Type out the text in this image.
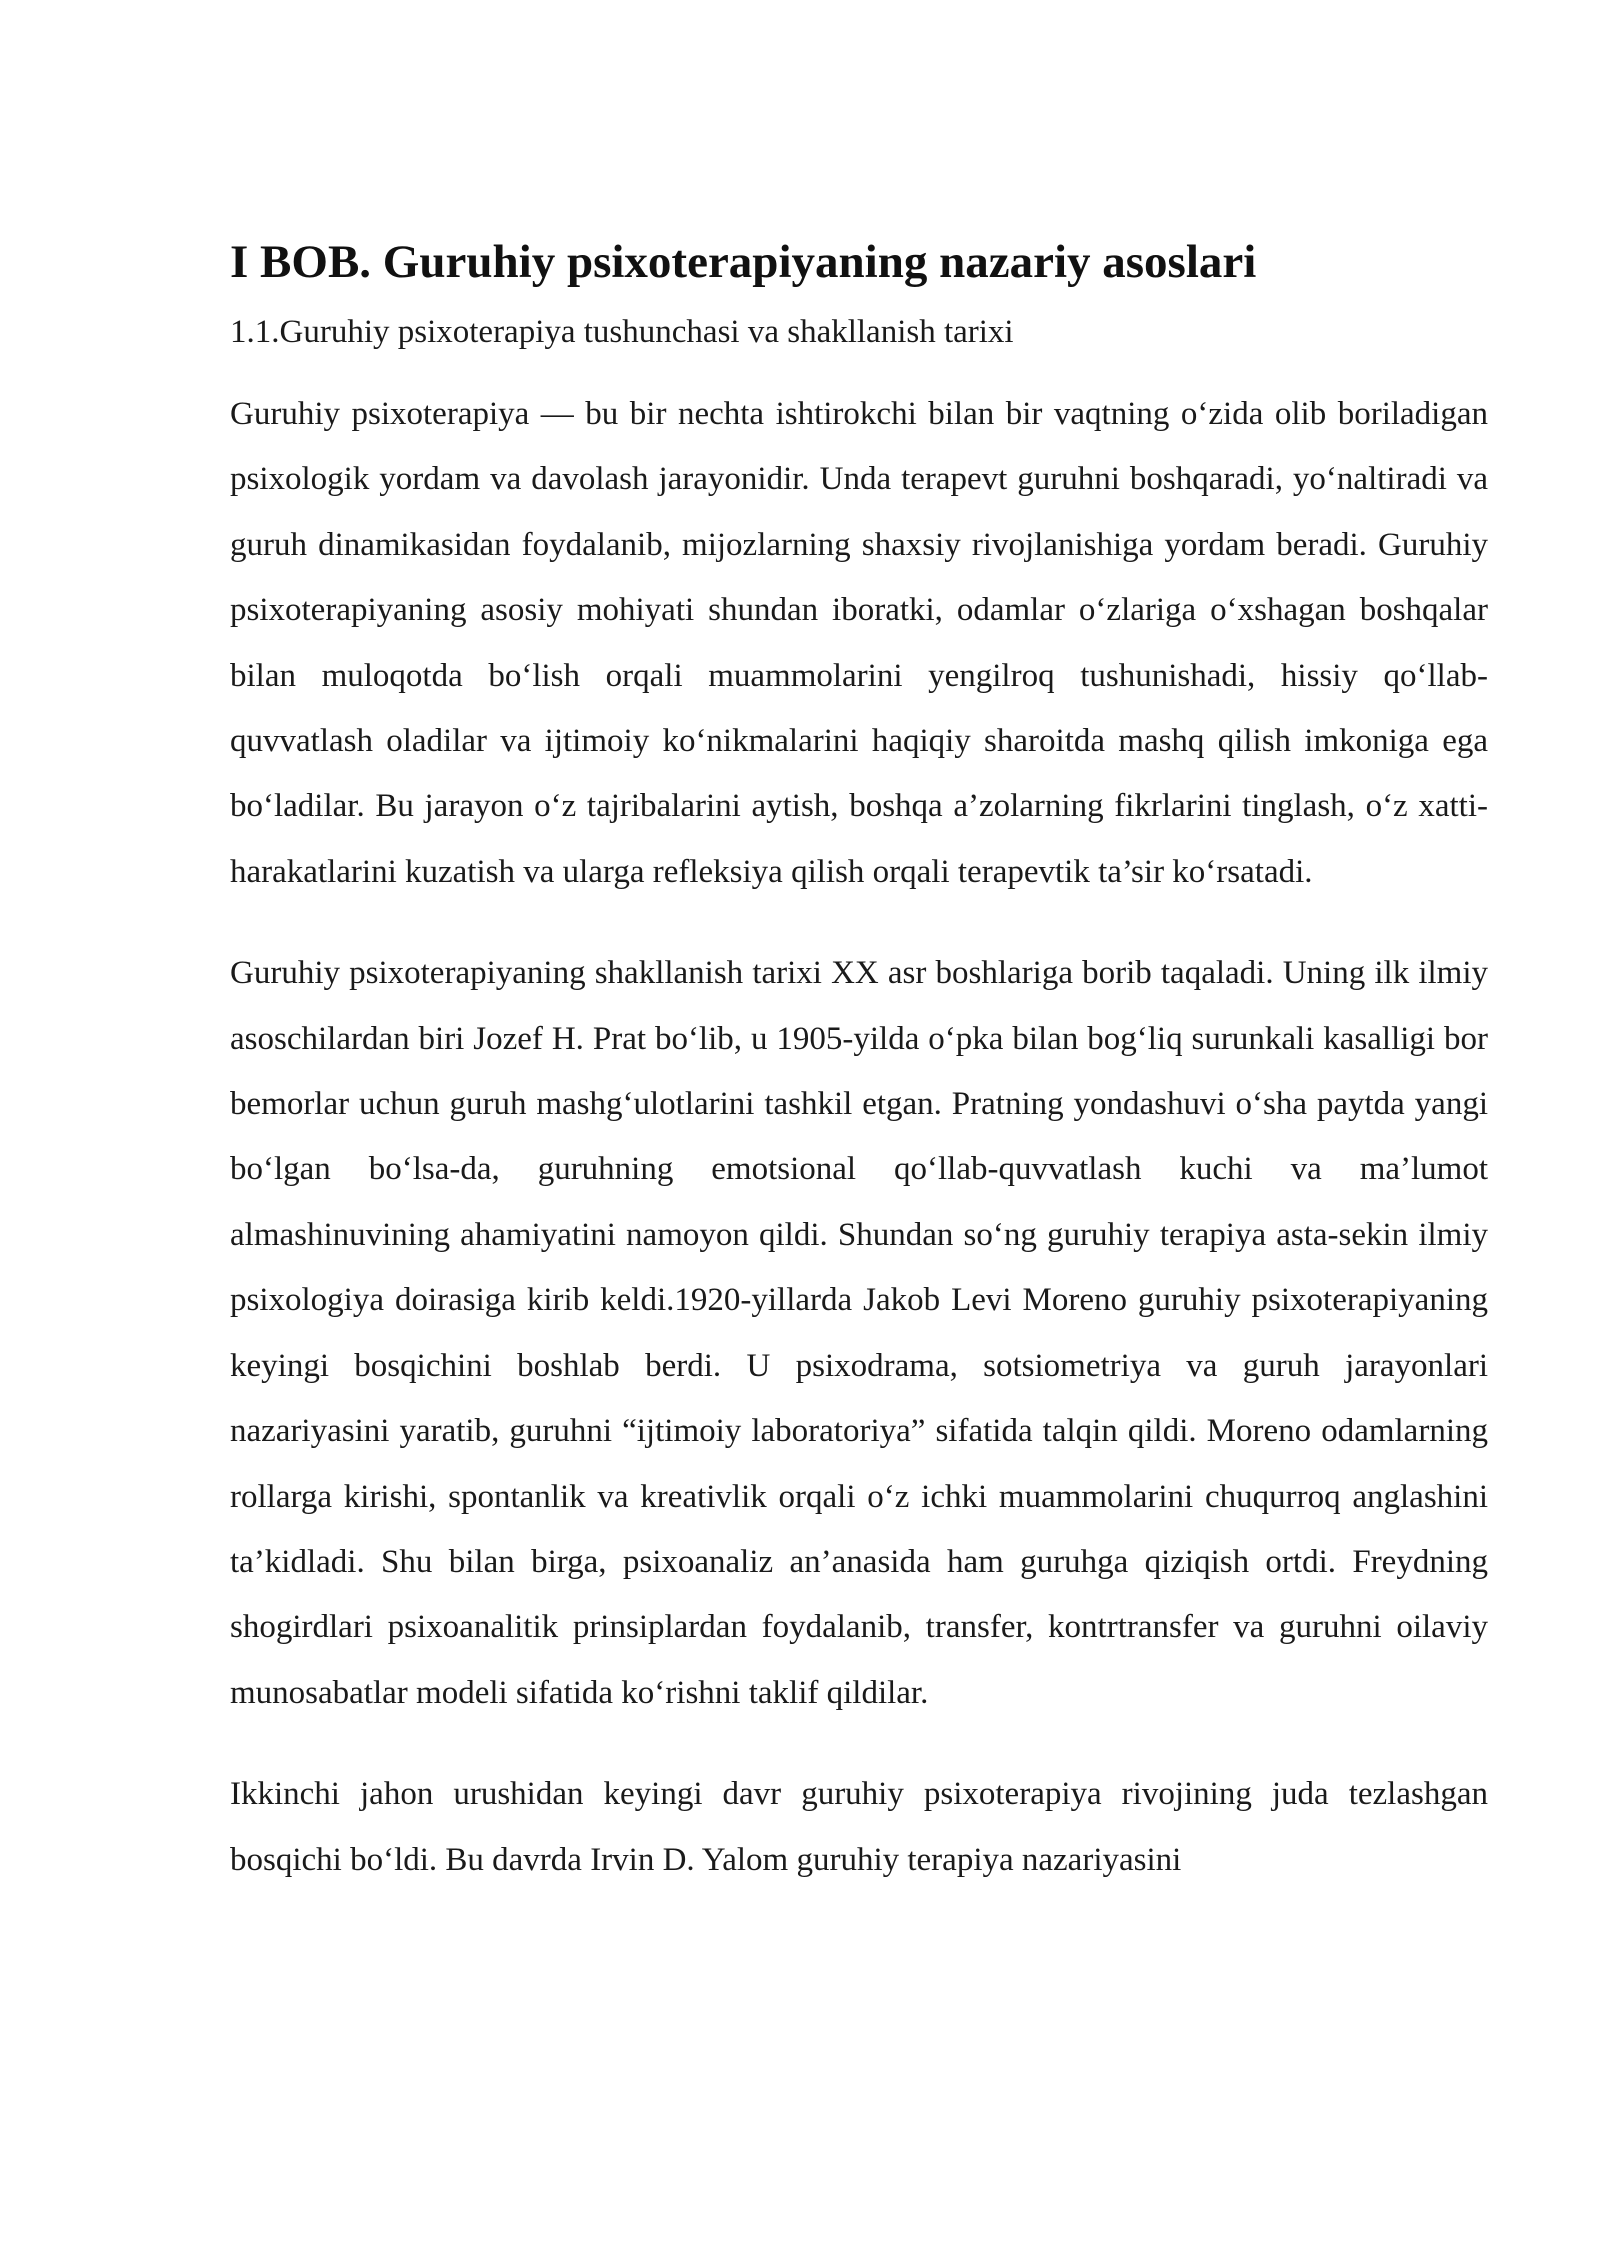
I BOB. Guruhiy psixoterapiyaning nazariy asoslari
1.1.Guruhiy psixoterapiya tushunchasi va shakllanish tarixi

Guruhiy psixoterapiya — bu bir nechta ishtirokchi bilan bir vaqtning oʻzida olib boriladigan psixologik yordam va davolash jarayonidir. Unda terapevt guruhni boshqaradi, yoʻnaltiradi va guruh dinamikasidan foydalanib, mijozlarning shaxsiy rivojlanishiga yordam beradi. Guruhiy psixoterapiyaning asosiy mohiyati shundan iboratki, odamlar oʻzlariga oʻxshagan boshqalar bilan muloqotda boʻlish orqali muammolarini yengilroq tushunishadi, hissiy qoʻllab-quvvatlash oladilar va ijtimoiy koʻnikmalarini haqiqiy sharoitda mashq qilish imkoniga ega boʻladilar. Bu jarayon oʻz tajribalarini aytish, boshqa a’zolarning fikrlarini tinglash, oʻz xatti-harakatlarini kuzatish va ularga refleksiya qilish orqali terapevtik ta’sir koʻrsatadi.

Guruhiy psixoterapiyaning shakllanish tarixi XX asr boshlariga borib taqaladi. Uning ilk ilmiy asoschilardan biri Jozef H. Prat boʻlib, u 1905-yilda oʻpka bilan bogʻliq surunkali kasalligi bor bemorlar uchun guruh mashgʻulotlarini tashkil etgan. Pratning yondashuvi oʻsha paytda yangi boʻlgan boʻlsa-da, guruhning emotsional qoʻllab-quvvatlash kuchi va ma’lumot almashinuvining ahamiyatini namoyon qildi. Shundan soʻng guruhiy terapiya asta-sekin ilmiy psixologiya doirasiga kirib keldi.1920-yillarda Jakob Levi Moreno guruhiy psixoterapiyaning keyingi bosqichini boshlab berdi. U psixodrama, sotsiometriya va guruh jarayonlari nazariyasini yaratib, guruhni “ijtimoiy laboratoriya” sifatida talqin qildi. Moreno odamlarning rollarga kirishi, spontanlik va kreativlik orqali oʻz ichki muammolarini chuqurroq anglashini ta’kidladi. Shu bilan birga, psixoanaliz an’anasida ham guruhga qiziqish ortdi. Freydning shogirdlari psixoanalitik prinsiplardan foydalanib, transfer, kontrtransfer va guruhni oilaviy munosabatlar modeli sifatida koʻrishni taklif qildilar.

Ikkinchi jahon urushidan keyingi davr guruhiy psixoterapiya rivojining juda tezlashgan bosqichi boʻldi. Bu davrda Irvin D. Yalom guruhiy terapiya nazariyasini
